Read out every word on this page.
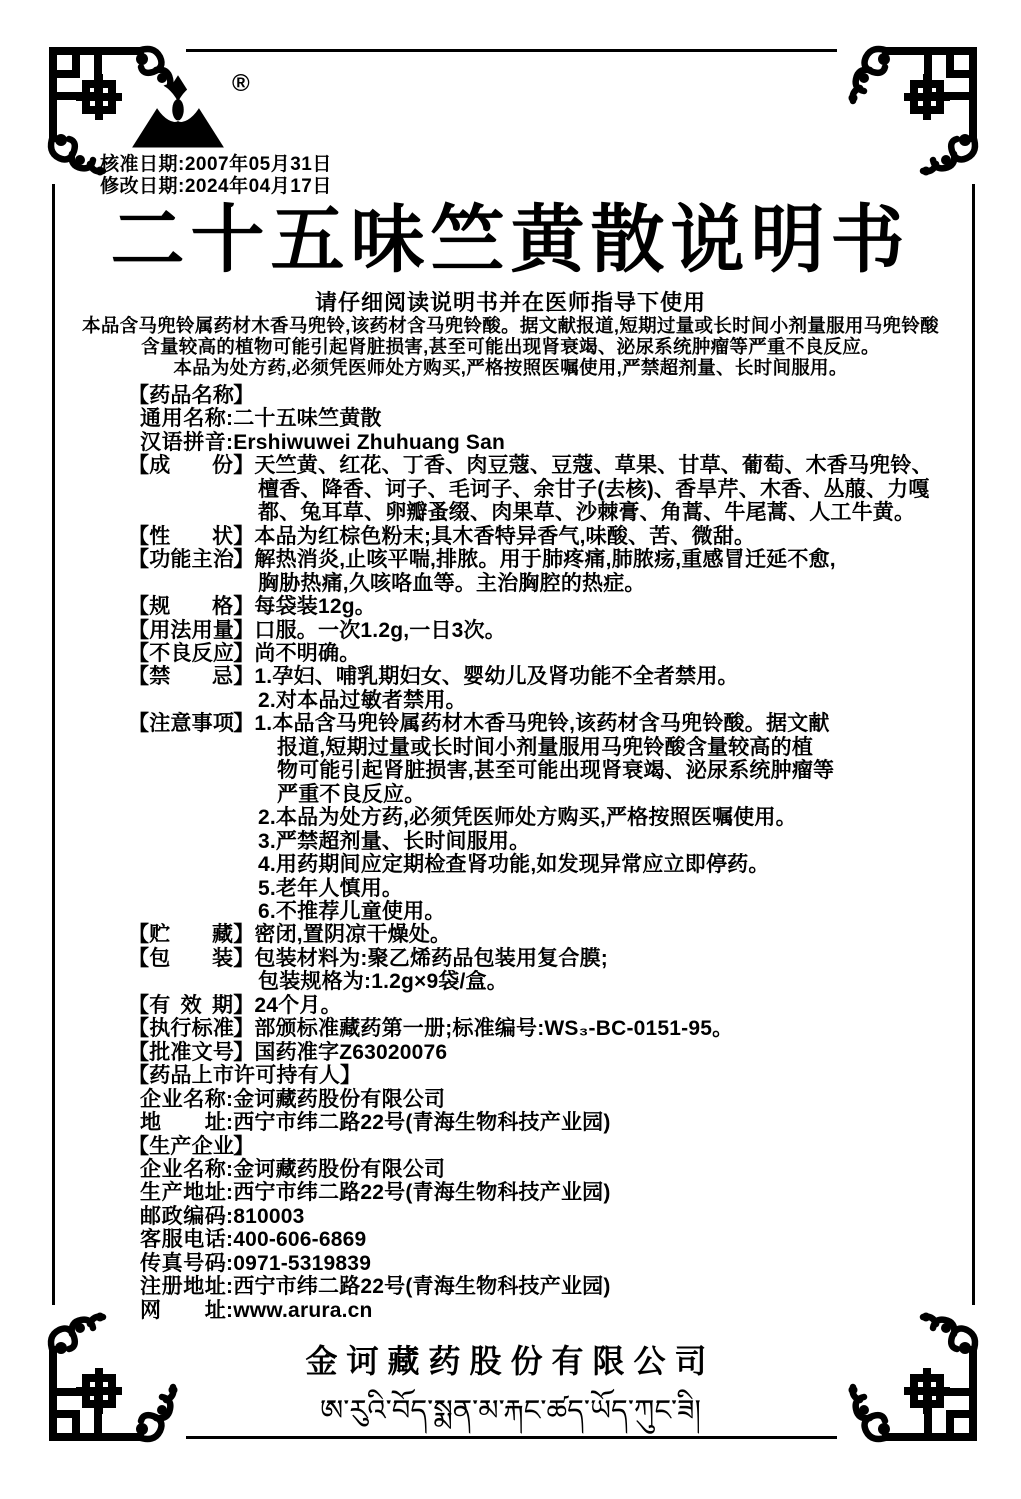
®
核准日期:2007年05月31日
修改日期:2024年04月17日
二十五味竺黄散说明书
请仔细阅读说明书并在医师指导下使用
本品含马兜铃属药材木香马兜铃,该药材含马兜铃酸。据文献报道,短期过量或长时间小剂量服用马兜铃酸
含量较高的植物可能引起肾脏损害,甚至可能出现肾衰竭、泌尿系统肿瘤等严重不良反应。
本品为处方药,必须凭医师处方购买,严格按照医嘱使用,严禁超剂量、长时间服用。
【 药 品 名 称 】
通 用 名 称 :二十五味竺黄散
汉 语 拼 音 :Ershiwuwei Zhuhuang San
【 成 份 】天竺黄、红花、丁香、肉豆蔻、豆蔻、草果、甘草、葡萄、木香马兜铃、
檀香、降香、诃子、毛诃子、余甘子(去核)、香旱芹、木香、丛菔、力嘎
都、兔耳草、卵瓣蚤缀、肉果草、沙棘膏、角蒿、牛尾蒿、人工牛黄。
【 性 状 】本品为红棕色粉末;具木香特异香气,味酸、苦、微甜。
【 功 能 主 治 】解热消炎,止咳平喘,排脓。用于肺疼痛,肺脓疡,重感冒迁延不愈,
胸胁热痛,久咳咯血等。主治胸腔的热症。
【 规 格 】每袋装12g。
【 用 法 用 量 】口服。一次1.2g,一日3次。
【 不 良 反 应 】尚不明确。
【 禁 忌 】1.孕妇、哺乳期妇女、婴幼儿及肾功能不全者禁用。
2.对本品过敏者禁用。
【 注 意 事 项 】1.本品含马兜铃属药材木香马兜铃,该药材含马兜铃酸。据文献
报道,短期过量或长时间小剂量服用马兜铃酸含量较高的植
物可能引起肾脏损害,甚至可能出现肾衰竭、泌尿系统肿瘤等
严重不良反应。
2.本品为处方药,必须凭医师处方购买,严格按照医嘱使用。
3.严禁超剂量、长时间服用。
4.用药期间应定期检查肾功能,如发现异常应立即停药。
5.老年人慎用。
6.不推荐儿童使用。
【 贮 藏 】密闭,置阴凉干燥处。
【 包 装 】包装材料为:聚乙烯药品包装用复合膜;
包装规格为:1.2g×9袋/盒。
【 有 效 期 】24个月。
【 执 行 标 准 】部颁标准藏药第一册;标准编号:WS₃-BC-0151-95。
【 批 准 文 号 】国药准字Z63020076
【 药 品 上 市 许 可 持 有 人 】
企 业 名 称 :金诃藏药股份有限公司
地 址 :西宁市纬二路22号(青海生物科技产业园)
【 生 产 企 业 】
企 业 名 称 :金诃藏药股份有限公司
生 产 地 址 :西宁市纬二路22号(青海生物科技产业园)
邮 政 编 码 :810003
客 服 电 话 :400-606-6869
传 真 号 码 :0971-5319839
注 册 地 址 :西宁市纬二路22号(青海生物科技产业园)
网 址 :www.arura.cn
金诃藏药股份有限公司
ཨ་རུའི་བོད་སྨན་མ་རྐང་ཚད་ཡོད་ཀུང་ཟི།
